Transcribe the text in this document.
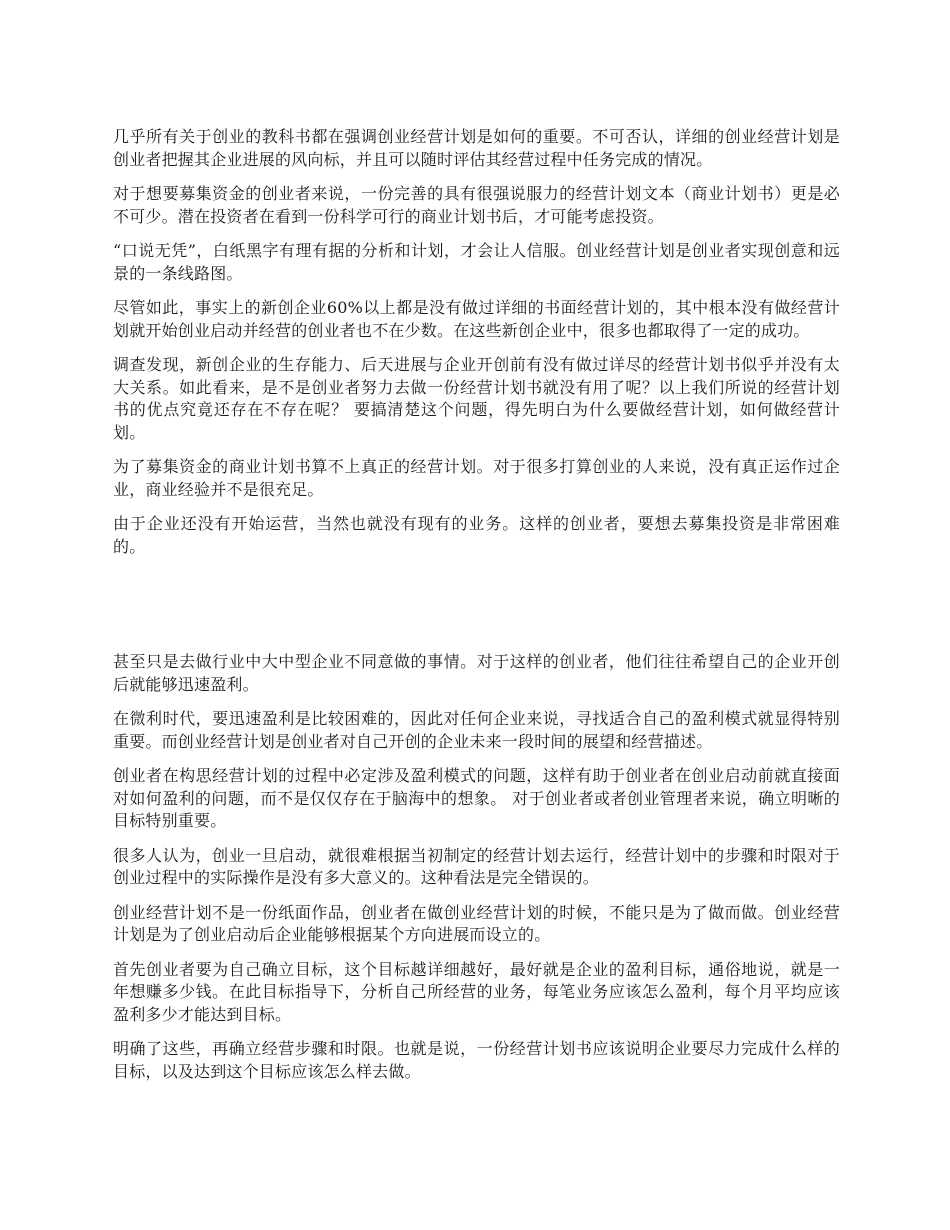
几乎所有关于创业的教科书都在强调创业经营计划是如何的重要。不可否认，详细的创业经营计划是创业者把握其企业进展的风向标，并且可以随时评估其经营过程中任务完成的情况。

对于想要募集资金的创业者来说，一份完善的具有很强说服力的经营计划文本（商业计划书）更是必不可少。潜在投资者在看到一份科学可行的商业计划书后，才可能考虑投资。

“口说无凭”，白纸黑字有理有据的分析和计划，才会让人信服。创业经营计划是创业者实现创意和远景的一条线路图。

尽管如此，事实上的新创企业60%以上都是没有做过详细的书面经营计划的，其中根本没有做经营计划就开始创业启动并经营的创业者也不在少数。在这些新创企业中，很多也都取得了一定的成功。

调查发现，新创企业的生存能力、后天进展与企业开创前有没有做过详尽的经营计划书似乎并没有太大关系。如此看来，是不是创业者努力去做一份经营计划书就没有用了呢？以上我们所说的经营计划书的优点究竟还存在不存在呢？ 要搞清楚这个问题，得先明白为什么要做经营计划，如何做经营计划。

为了募集资金的商业计划书算不上真正的经营计划。对于很多打算创业的人来说，没有真正运作过企业，商业经验并不是很充足。

由于企业还没有开始运营，当然也就没有现有的业务。这样的创业者，要想去募集投资是非常困难的。

甚至只是去做行业中大中型企业不同意做的事情。对于这样的创业者，他们往往希望自己的企业开创后就能够迅速盈利。

在微利时代，要迅速盈利是比较困难的，因此对任何企业来说，寻找适合自己的盈利模式就显得特别重要。而创业经营计划是创业者对自己开创的企业未来一段时间的展望和经营描述。

创业者在构思经营计划的过程中必定涉及盈利模式的问题，这样有助于创业者在创业启动前就直接面对如何盈利的问题，而不是仅仅存在于脑海中的想象。 对于创业者或者创业管理者来说，确立明晰的目标特别重要。

很多人认为，创业一旦启动，就很难根据当初制定的经营计划去运行，经营计划中的步骤和时限对于创业过程中的实际操作是没有多大意义的。这种看法是完全错误的。

创业经营计划不是一份纸面作品，创业者在做创业经营计划的时候，不能只是为了做而做。创业经营计划是为了创业启动后企业能够根据某个方向进展而设立的。

首先创业者要为自己确立目标，这个目标越详细越好，最好就是企业的盈利目标，通俗地说，就是一年想赚多少钱。在此目标指导下，分析自己所经营的业务，每笔业务应该怎么盈利，每个月平均应该盈利多少才能达到目标。

明确了这些，再确立经营步骤和时限。也就是说，一份经营计划书应该说明企业要尽力完成什么样的目标，以及达到这个目标应该怎么样去做。
